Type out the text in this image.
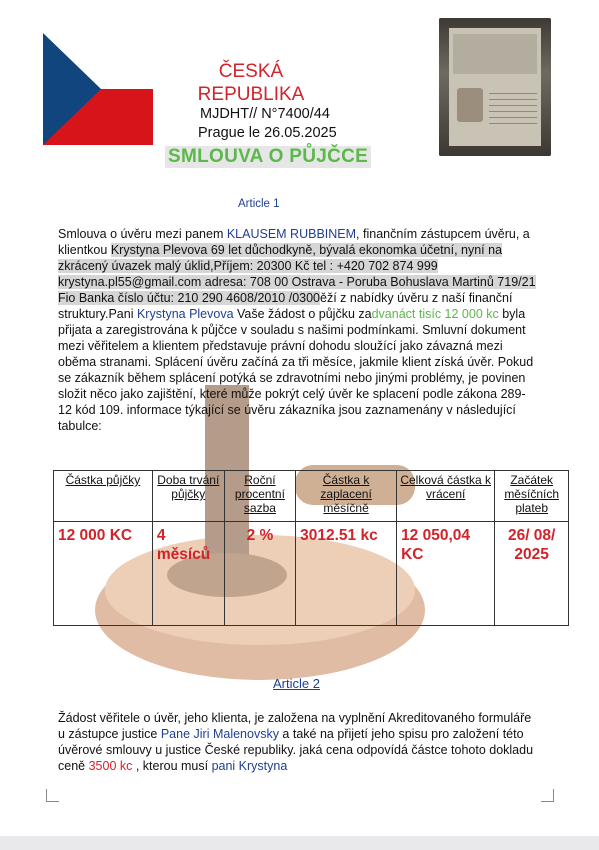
ČESKÁ REPUBLIKA
MJDHT// N°7400/44
Prague le 26.05.2025
SMLOUVA O PŮJČCE
Article 1
Smlouva o úvěru mezi panem KLAUSEM RUBBINEM, finančním zástupcem úvěru, a klientkou Krystyna Plevova 69 let důchodkyně, bývalá ekonomka účetní, nyní na zkrácený úvazek malý úklid,Příjem: 20300 Kč tel : +420 702 874 999 krystyna.pl55@gmail.com adresa: 708 00 Ostrava - Poruba Bohuslava Martinů 719/21 Fio Banka číslo účtu: 210 290 4608/2010 /0300ěží z nabídky úvěru z naší finanční struktury.Pani Krystyna Plevova Vaše žádost o půjčku zadvanáct tisíc 12 000 kc byla přijata a zaregistrována k půjčce v souladu s našimi podmínkami. Smluvní dokument mezi věřitelem a klientem představuje právní dohodu sloužící jako závazná mezi oběma stranami. Splácení úvěru začíná za tři měsíce, jakmile klient získá úvěr. Pokud se zákazník během splácení potýká se zdravotními nebo jinými problémy, je povinen složit něco jako zajištění, které může pokrýt celý úvěr ke splacení podle zákona 289-12 kód 109. informace týkající se úvěru zákazníka jsou zaznamenány v následující tabulce:
Částka půjčky	Doba trvání půjčky	Roční procentní sazba	Částka k zaplacení měsíčně	Celková částka k vrácení	Začátek měsíčních plateb
12 000 KC	4 měsíců	2 %	3012.51 kc	12 050,04 KC	26/ 08/ 2025
Article 2
Žádost věřitele o úvěr, jeho klienta, je založena na vyplnění Akreditovaného formuláře u zástupce justice Pane Jiri Malenovsky a také na přijetí jeho spisu pro založení této úvěrové smlouvy u justice České republiky. jaká cena odpovídá částce tohoto dokladu ceně 3500 kc , kterou musí pani Krystyna
